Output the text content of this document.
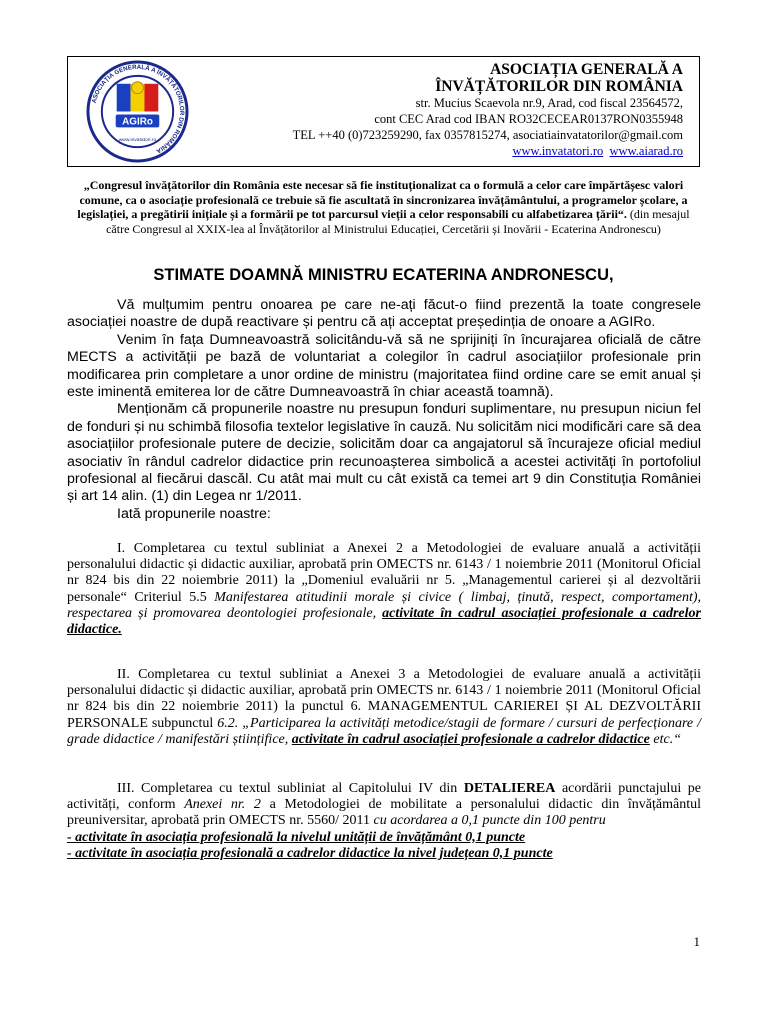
ASOCIAȚIA GENERALĂ A ÎNVĂȚĂTORILOR DIN ROMÂNIA
AGIRo
www.invatatori.ro
ASOCIAȚIA GENERALĂ A
ÎNVĂȚĂTORILOR DIN ROMÂNIA
str. Mucius Scaevola nr.9, Arad, cod fiscal 23564572,
cont CEC Arad cod IBAN RO32CECEAR0137RON0355948
TEL ++40 (0)723259290, fax 0357815274, asociatiainvatatorilor@gmail.com
www.invatatori.ro www.aiarad.ro
„Congresul învățătorilor din România este necesar să fie instituționalizat ca o formulă a celor care împărtășesc valori comune, ca o asociație profesională ce trebuie să fie ascultată în sincronizarea învățământului, a programelor școlare, a legislației, a pregătirii inițiale și a formării pe tot parcursul vieții a celor responsabili cu alfabetizarea țării“. (din mesajul către Congresul al XXIX-lea al Învățătorilor al Ministrului Educației, Cercetării și Inovării - Ecaterina Andronescu)
STIMATE DOAMNĂ MINISTRU ECATERINA ANDRONESCU,

Vă mulțumim pentru onoarea pe care ne-ați făcut-o fiind prezentă la toate congresele asociației noastre de după reactivare și pentru că ați acceptat președinția de onoare a AGIRo.

Venim în fața Dumneavoastră solicitându-vă să ne sprijiniți în încurajarea oficială de către MECTS a activității pe bază de voluntariat a colegilor în cadrul asociațiilor profesionale prin modificarea prin completare a unor ordine de ministru (majoritatea fiind ordine care se emit anual și este iminentă emiterea lor de către Dumneavoastră în chiar această toamnă).

Menționăm că propunerile noastre nu presupun fonduri suplimentare, nu presupun niciun fel de fonduri și nu schimbă filosofia textelor legislative în cauză. Nu solicităm nici modificări care să dea asociațiilor profesionale putere de decizie, solicităm doar ca angajatorul să încurajeze oficial mediul asociativ în rândul cadrelor didactice prin recunoașterea simbolică a acestei activități în portofoliul profesional al fiecărui dascăl. Cu atât mai mult cu cât există ca temei art 9 din Constituția României și art 14 alin. (1) din Legea nr 1/2011.

Iată propunerile noastre:

I. Completarea cu textul subliniat a Anexei 2 a Metodologiei de evaluare anuală a activității personalului didactic și didactic auxiliar, aprobată prin OMECTS nr. 6143 / 1 noiembrie 2011 (Monitorul Oficial nr 824 bis din 22 noiembrie 2011) la „Domeniul evaluării nr 5. „Managementul carierei și al dezvoltării personale“ Criteriul 5.5 Manifestarea atitudinii morale și civice ( limbaj, ținută, respect, comportament), respectarea și promovarea deontologiei profesionale, activitate în cadrul asociației profesionale a cadrelor didactice.

II. Completarea cu textul subliniat a Anexei 3 a Metodologiei de evaluare anuală a activității personalului didactic și didactic auxiliar, aprobată prin OMECTS nr. 6143 / 1 noiembrie 2011 (Monitorul Oficial nr 824 bis din 22 noiembrie 2011) la punctul 6. MANAGEMENTUL CARIEREI ȘI AL DEZVOLTĂRII PERSONALE subpunctul 6.2. „Participarea la activități metodice/stagii de formare / cursuri de perfecționare / grade didactice / manifestări științifice, activitate în cadrul asociației profesionale a cadrelor didactice etc.“

III. Completarea cu textul subliniat al Capitolului IV din DETALIEREA acordării punctajului pe activități, conform Anexei nr. 2 a Metodologiei de mobilitate a personalului didactic din învățământul preuniversitar, aprobată prin OMECTS nr. 5560/ 2011 cu acordarea a 0,1 puncte din 100 pentru

- activitate în asociația profesională la nivelul unității de învățământ 0,1 puncte
- activitate în asociația profesională a cadrelor didactice la nivel județean 0,1 puncte
1
